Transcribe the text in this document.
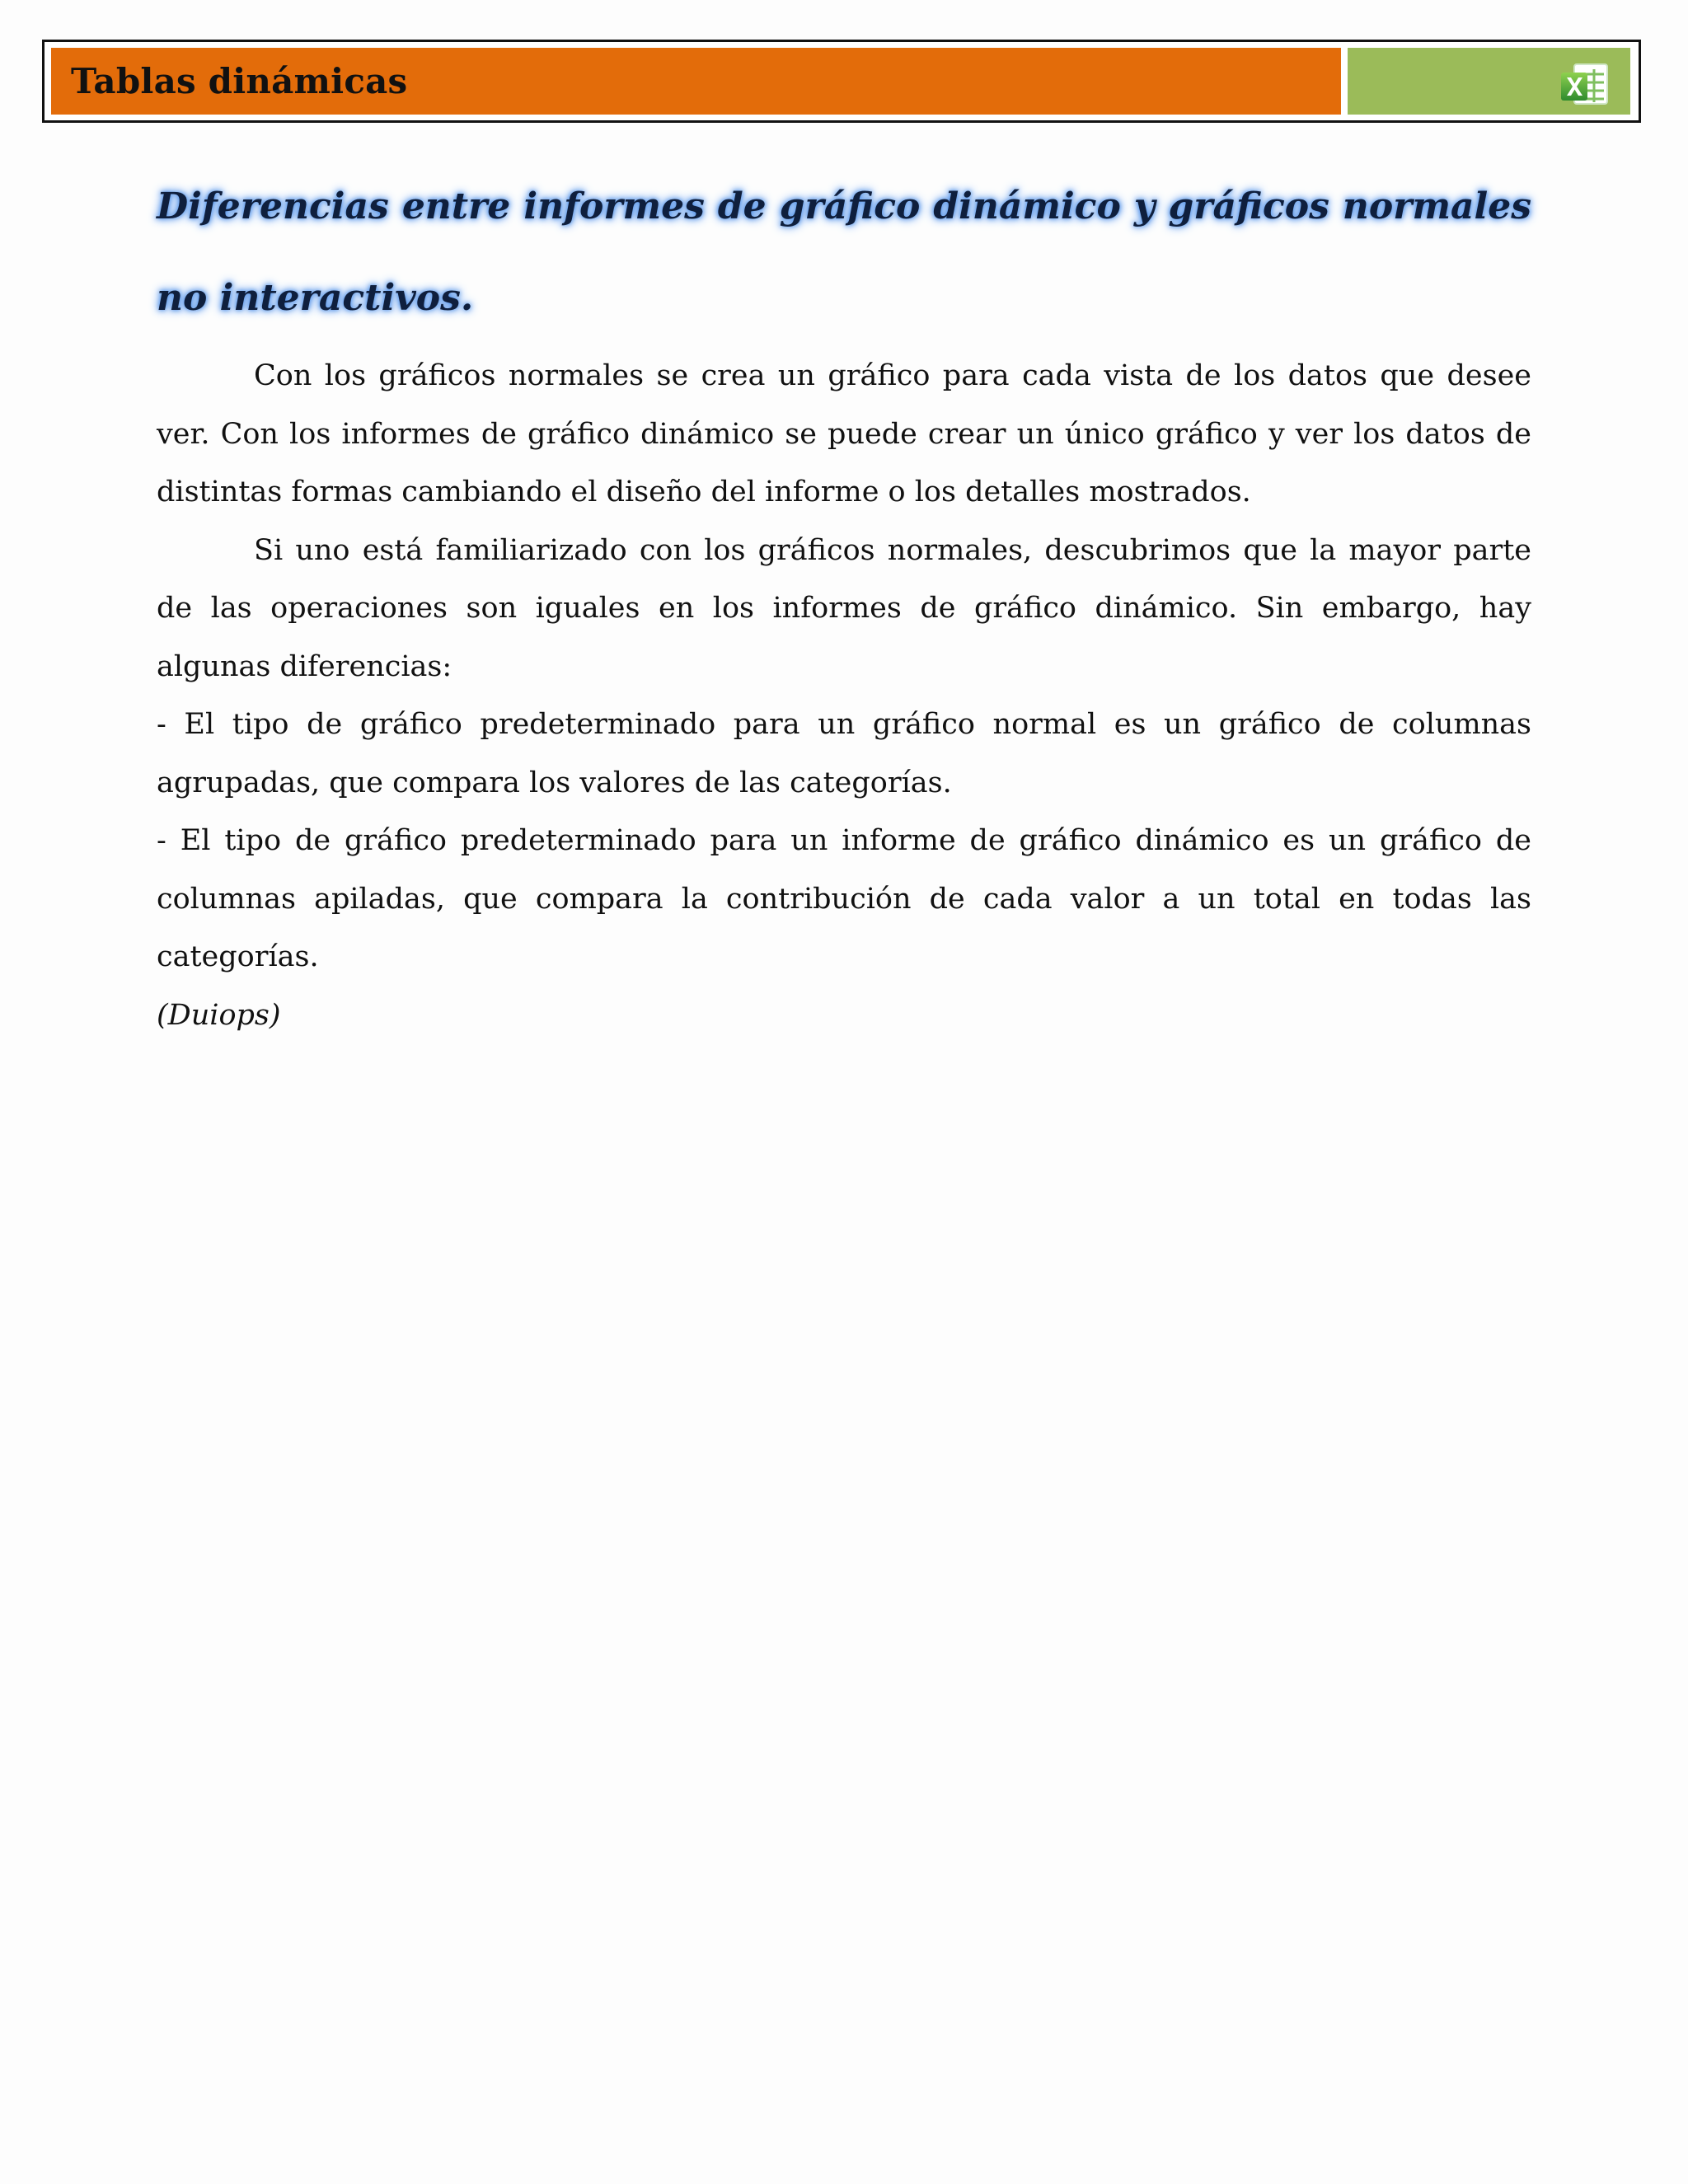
Tablas dinámicas
Diferencias entre informes de gráfico dinámico y gráficos normales no interactivos.

Con los gráficos normales se crea un gráfico para cada vista de los datos que desee ver. Con los informes de gráfico dinámico se puede crear un único gráfico y ver los datos de distintas formas cambiando el diseño del informe o los detalles mostrados.

Si uno está familiarizado con los gráficos normales, descubrimos que la mayor parte de las operaciones son iguales en los informes de gráfico dinámico. Sin embargo, hay algunas diferencias:

- El tipo de gráfico predeterminado para un gráfico normal es un gráfico de columnas agrupadas, que compara los valores de las categorías.

- El tipo de gráfico predeterminado para un informe de gráfico dinámico es un gráfico de columnas apiladas, que compara la contribución de cada valor a un total en todas las categorías.
(Duiops)
